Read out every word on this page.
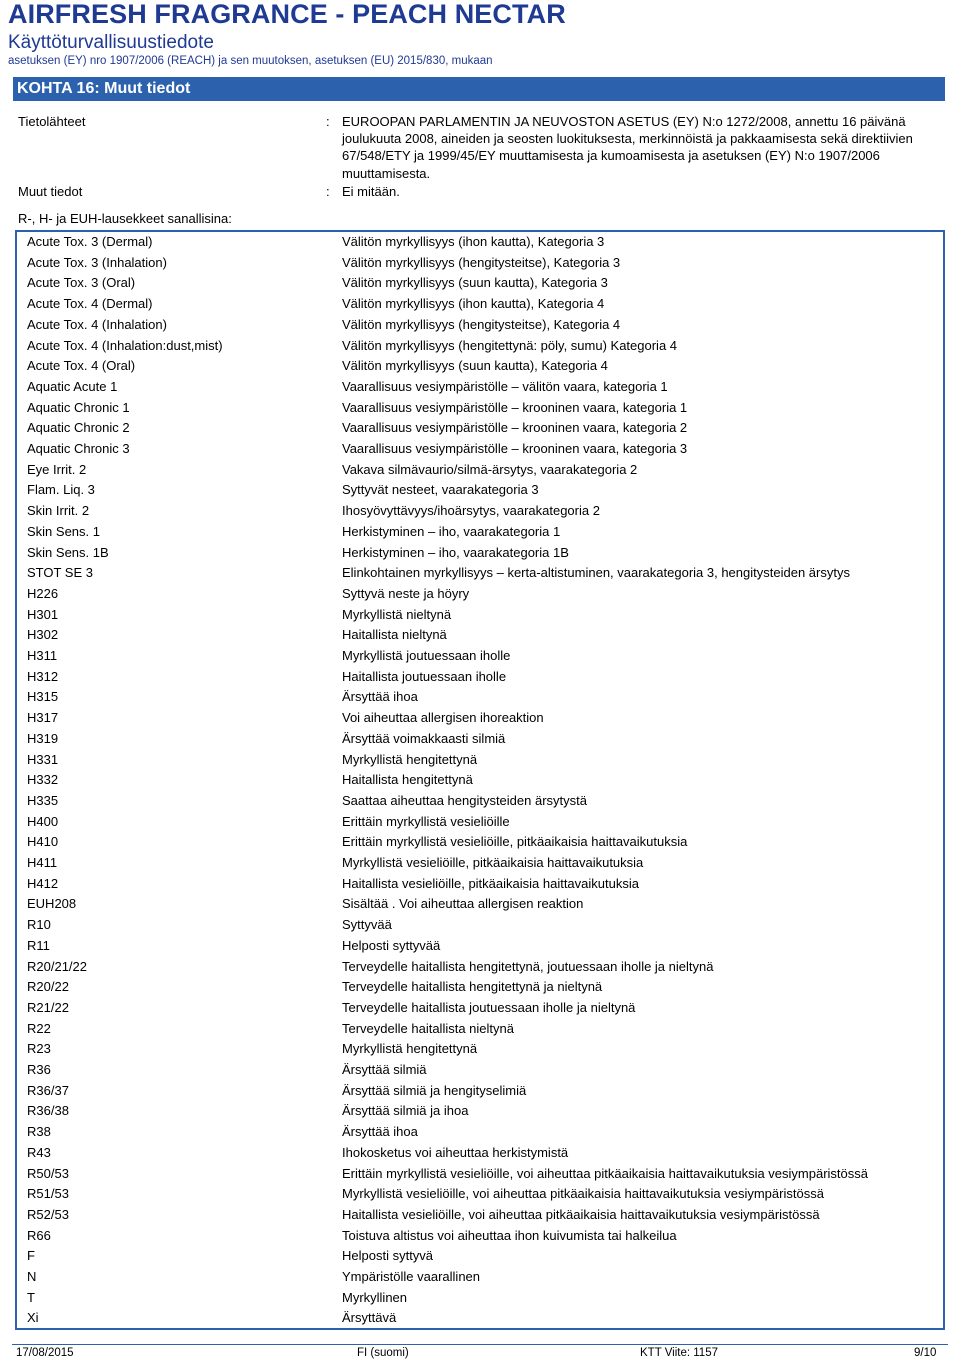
AIRFRESH FRAGRANCE - PEACH NECTAR
Käyttöturvallisuustiedote
asetuksen (EY) nro 1907/2006 (REACH) ja sen muutoksen, asetuksen (EU) 2015/830, mukaan
KOHTA 16: Muut tiedot
Tietolähteet	: EUROOPAN PARLAMENTIN JA NEUVOSTON ASETUS (EY) N:o 1272/2008, annettu 16 päivänä joulukuuta 2008, aineiden ja seosten luokituksesta, merkinnöistä ja pakkaamisesta sekä direktiivien 67/548/ETY ja 1999/45/EY muuttamisesta ja kumoamisesta ja asetuksen (EY) N:o 1907/2006 muuttamisesta.
Muut tiedot	: Ei mitään.
R-, H- ja EUH-lausekkeet sanallisina:
Acute Tox. 3 (Dermal)	Välitön myrkyllisyys (ihon kautta), Kategoria 3
Acute Tox. 3 (Inhalation)	Välitön myrkyllisyys (hengitysteitse), Kategoria 3
Acute Tox. 3 (Oral)	Välitön myrkyllisyys (suun kautta), Kategoria 3
Acute Tox. 4 (Dermal)	Välitön myrkyllisyys (ihon kautta), Kategoria 4
Acute Tox. 4 (Inhalation)	Välitön myrkyllisyys (hengitysteitse), Kategoria 4
Acute Tox. 4 (Inhalation:dust,mist)	Välitön myrkyllisyys (hengitettynä: pöly, sumu) Kategoria 4
Acute Tox. 4 (Oral)	Välitön myrkyllisyys (suun kautta), Kategoria 4
Aquatic Acute 1	Vaarallisuus vesiympäristölle – välitön vaara, kategoria 1
Aquatic Chronic 1	Vaarallisuus vesiympäristölle – krooninen vaara, kategoria 1
Aquatic Chronic 2	Vaarallisuus vesiympäristölle – krooninen vaara, kategoria 2
Aquatic Chronic 3	Vaarallisuus vesiympäristölle – krooninen vaara, kategoria 3
Eye Irrit. 2	Vakava silmävaurio/silmä-ärsytys, vaarakategoria 2
Flam. Liq. 3	Syttyvät nesteet, vaarakategoria 3
Skin Irrit. 2	Ihosyövyttävyys/ihoärsytys, vaarakategoria 2
Skin Sens. 1	Herkistyminen – iho, vaarakategoria 1
Skin Sens. 1B	Herkistyminen – iho, vaarakategoria 1B
STOT SE 3	Elinkohtainen myrkyllisyys – kerta-altistuminen, vaarakategoria 3, hengitysteiden ärsytys
H226	Syttyvä neste ja höyry
H301	Myrkyllistä nieltynä
H302	Haitallista nieltynä
H311	Myrkyllistä joutuessaan iholle
H312	Haitallista joutuessaan iholle
H315	Ärsyttää ihoa
H317	Voi aiheuttaa allergisen ihoreaktion
H319	Ärsyttää voimakkaasti silmiä
H331	Myrkyllistä hengitettynä
H332	Haitallista hengitettynä
H335	Saattaa aiheuttaa hengitysteiden ärsytystä
H400	Erittäin myrkyllistä vesieliöille
H410	Erittäin myrkyllistä vesieliöille, pitkäaikaisia haittavaikutuksia
H411	Myrkyllistä vesieliöille, pitkäaikaisia haittavaikutuksia
H412	Haitallista vesieliöille, pitkäaikaisia haittavaikutuksia
EUH208	Sisältää . Voi aiheuttaa allergisen reaktion
R10	Syttyvää
R11	Helposti syttyvää
R20/21/22	Terveydelle haitallista hengitettynä, joutuessaan iholle ja nieltynä
R20/22	Terveydelle haitallista hengitettynä ja nieltynä
R21/22	Terveydelle haitallista joutuessaan iholle ja nieltynä
R22	Terveydelle haitallista nieltynä
R23	Myrkyllistä hengitettynä
R36	Ärsyttää silmiä
R36/37	Ärsyttää silmiä ja hengityselimiä
R36/38	Ärsyttää silmiä ja ihoa
R38	Ärsyttää ihoa
R43	Ihokosketus voi aiheuttaa herkistymistä
R50/53	Erittäin myrkyllistä vesieliöille, voi aiheuttaa pitkäaikaisia haittavaikutuksia vesiympäristössä
R51/53	Myrkyllistä vesieliöille, voi aiheuttaa pitkäaikaisia haittavaikutuksia vesiympäristössä
R52/53	Haitallista vesieliöille, voi aiheuttaa pitkäaikaisia haittavaikutuksia vesiympäristössä
R66	Toistuva altistus voi aiheuttaa ihon kuivumista tai halkeilua
F	Helposti syttyvä
N	Ympäristölle vaarallinen
T	Myrkyllinen
Xi	Ärsyttävä
17/08/2015	FI (suomi)	KTT Viite: 1157	9/10
